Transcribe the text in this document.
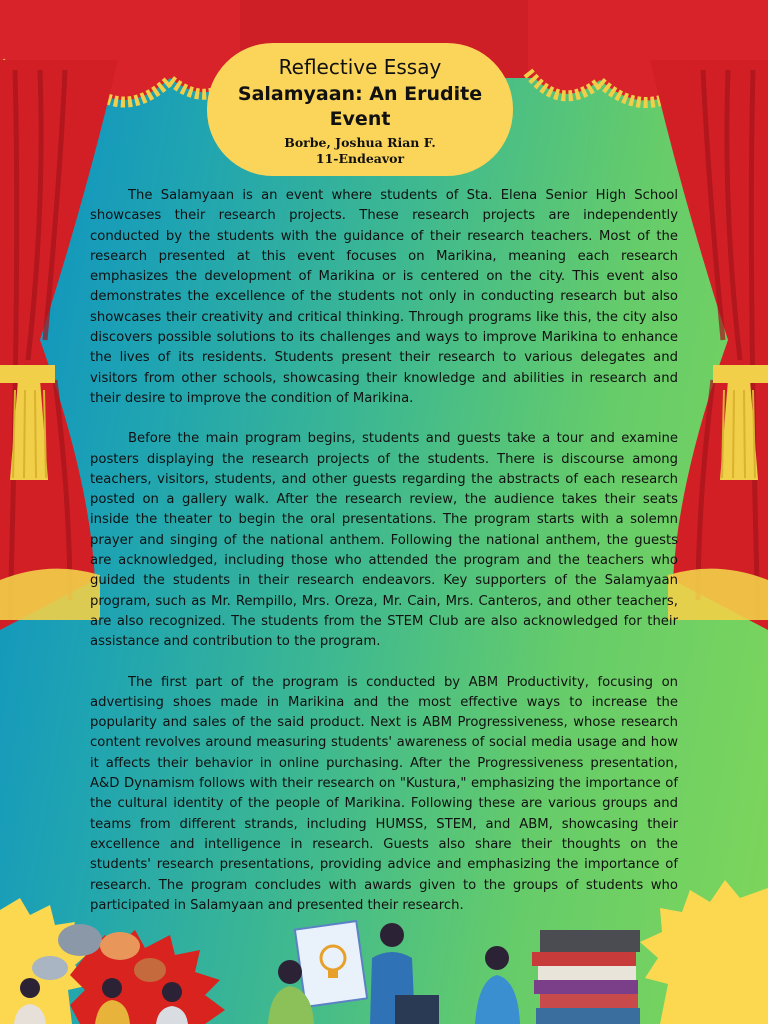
Reflective Essay
Salamyaan: An Erudite Event
Borbe, Joshua Rian F.
11-Endeavor

The Salamyaan is an event where students of Sta. Elena Senior High School showcases their research projects. These research projects are independently conducted by the students with the guidance of their research teachers. Most of the research presented at this event focuses on Marikina, meaning each research emphasizes the development of Marikina or is centered on the city. This event also demonstrates the excellence of the students not only in conducting research but also showcases their creativity and critical thinking. Through programs like this, the city also discovers possible solutions to its challenges and ways to improve Marikina to enhance the lives of its residents. Students present their research to various delegates and visitors from other schools, showcasing their knowledge and abilities in research and their desire to improve the condition of Marikina.

Before the main program begins, students and guests take a tour and examine posters displaying the research projects of the students. There is discourse among teachers, visitors, students, and other guests regarding the abstracts of each research posted on a gallery walk. After the research review, the audience takes their seats inside the theater to begin the oral presentations. The program starts with a solemn prayer and singing of the national anthem. Following the national anthem, the guests are acknowledged, including those who attended the program and the teachers who guided the students in their research endeavors. Key supporters of the Salamyaan program, such as Mr. Rempillo, Mrs. Oreza, Mr. Cain, Mrs. Canteros, and other teachers, are also recognized. The students from the STEM Club are also acknowledged for their assistance and contribution to the program.

The first part of the program is conducted by ABM Productivity, focusing on advertising shoes made in Marikina and the most effective ways to increase the popularity and sales of the said product. Next is ABM Progressiveness, whose research content revolves around measuring students' awareness of social media usage and how it affects their behavior in online purchasing. After the Progressiveness presentation, A&D Dynamism follows with their research on "Kustura," emphasizing the importance of the cultural identity of the people of Marikina. Following these are various groups and teams from different strands, including HUMSS, STEM, and ABM, showcasing their excellence and intelligence in research. Guests also share their thoughts on the students' research presentations, providing advice and emphasizing the importance of research. The program concludes with awards given to the groups of students who participated in Salamyaan and presented their research.
